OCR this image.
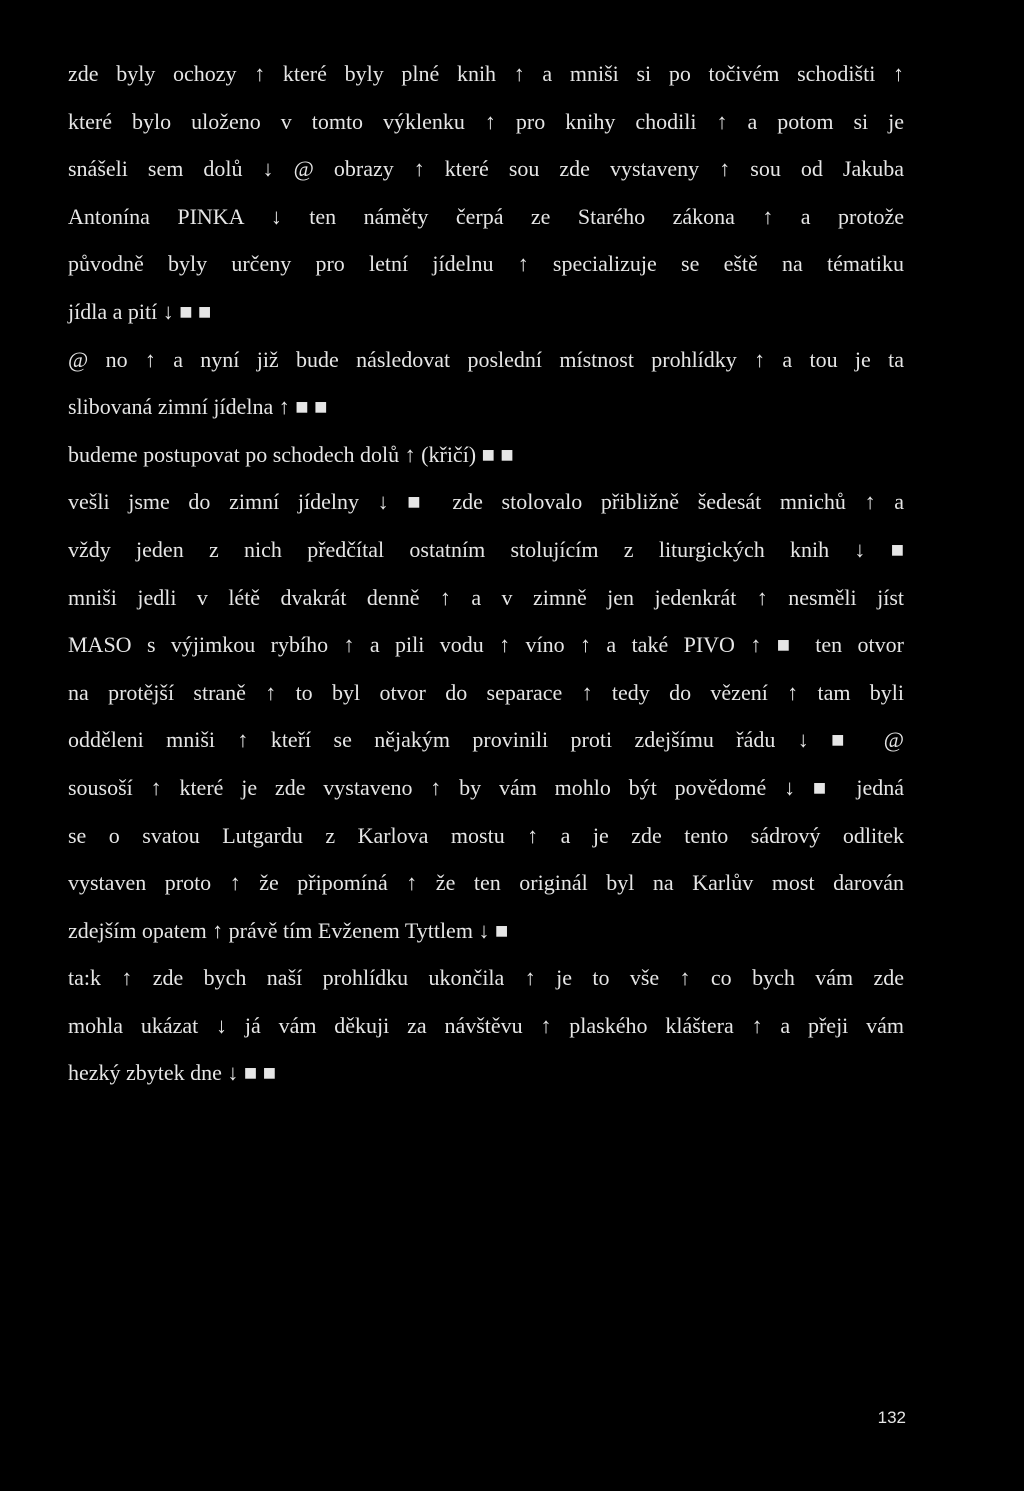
zde byly ochozy ↑ které byly plné knih ↑ a mniši si po točivém schodišti ↑
které bylo uloženo v tomto výklenku ↑ pro knihy chodili ↑ a potom si je
snášeli sem dolů ↓ @ obrazy ↑ které sou zde vystaveny ↑ sou od Jakuba
Antonína PINKA ↓ ten náměty čerpá ze Starého zákona ↑ a protože
původně byly určeny pro letní jídelnu ↑ specializuje se eště na tématiku
jídla a pití ↓ ■ ■
@ no ↑ a nyní již bude následovat poslední místnost prohlídky ↑ a tou je ta
slibovaná zimní jídelna ↑ ■ ■
budeme postupovat po schodech dolů ↑ (křičí) ■ ■
vešli jsme do zimní jídelny ↓ ■ zde stolovalo přibližně šedesát mnichů ↑ a
vždy jeden z nich předčítal ostatním stolujícím z liturgických knih ↓ ■
mniši jedli v létě dvakrát denně ↑ a v zimně jen jedenkrát ↑ nesměli jíst
MASO s výjimkou rybího ↑ a pili vodu ↑ víno ↑ a také PIVO ↑ ■ ten otvor
na protější straně ↑ to byl otvor do separace ↑ tedy do vězení ↑ tam byli
odděleni mniši ↑ kteří se nějakým provinili proti zdejšímu řádu ↓ ■ @
sousoší ↑ které je zde vystaveno ↑ by vám mohlo být povědomé ↓ ■ jedná
se o svatou Lutgardu z Karlova mostu ↑ a je zde tento sádrový odlitek
vystaven proto ↑ že připomíná ↑ že ten originál byl na Karlův most darován
zdejším opatem ↑ právě tím Evženem Tyttlem ↓ ■
ta:k ↑ zde bych naší prohlídku ukončila ↑ je to vše ↑ co bych vám zde
mohla ukázat ↓ já vám děkuji za návštěvu ↑ plaského kláštera ↑ a přeji vám
hezký zbytek dne ↓ ■ ■
132
